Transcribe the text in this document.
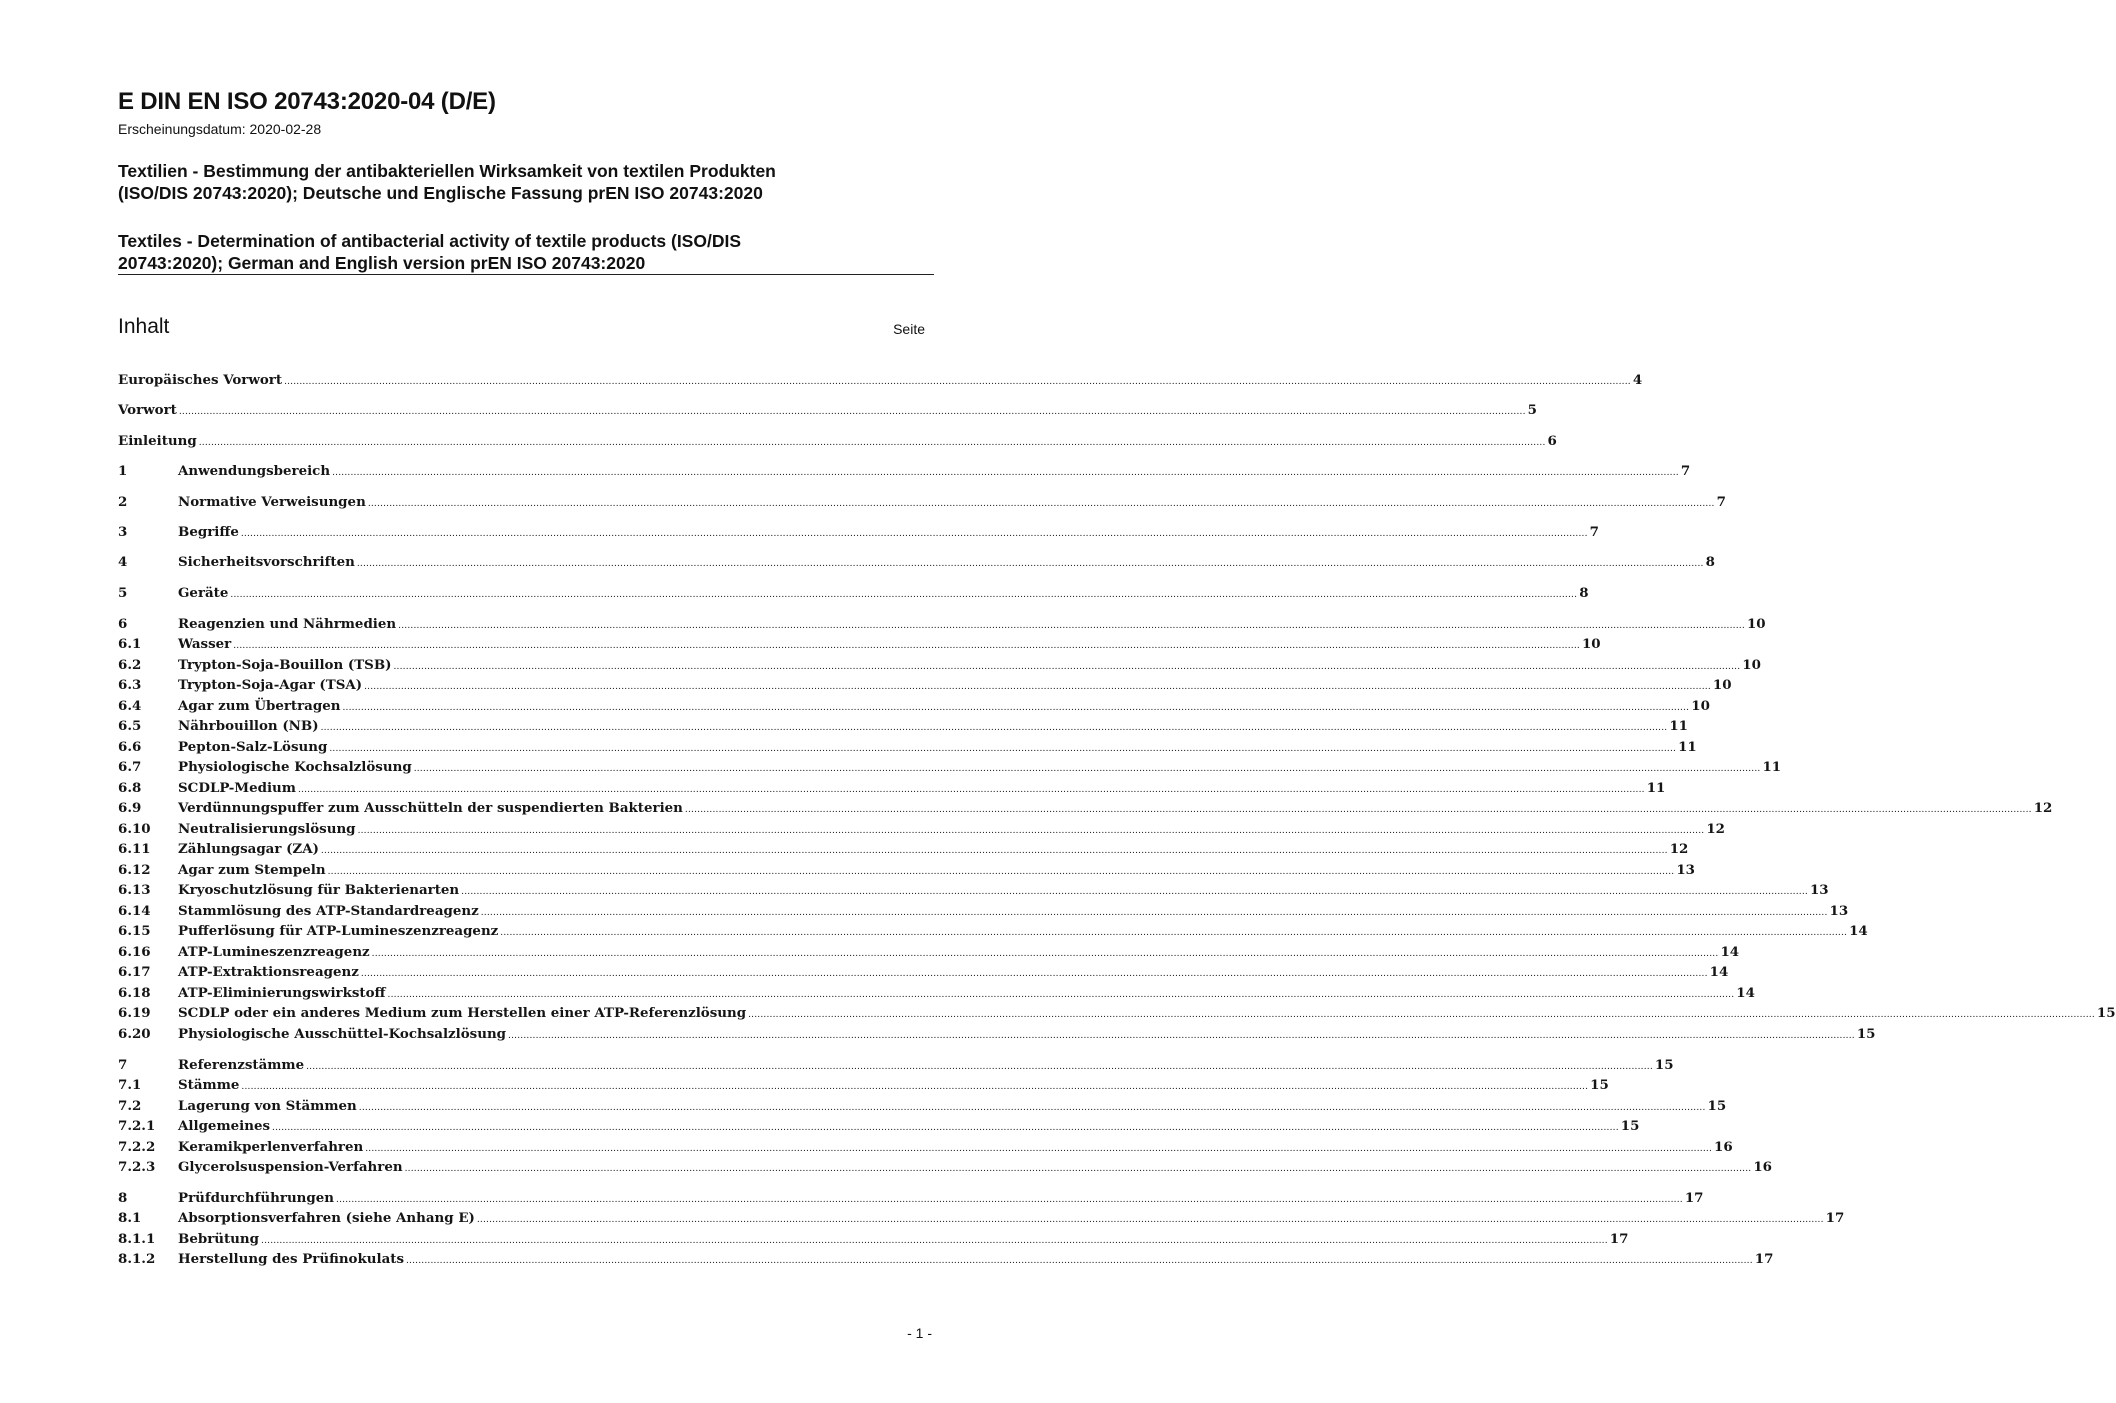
E DIN EN ISO 20743:2020-04 (D/E)
Erscheinungsdatum: 2020-02-28
Textilien - Bestimmung der antibakteriellen Wirksamkeit von textilen Produkten
(ISO/DIS 20743:2020); Deutsche und Englische Fassung prEN ISO 20743:2020
Textiles - Determination of antibacterial activity of textile products (ISO/DIS
20743:2020); German and English version prEN ISO 20743:2020
Inhalt	Seite
Europäisches Vorwort .....	4
Vorwort .....	5
Einleitung .....	6
1	Anwendungsbereich .....	7
2	Normative Verweisungen .....	7
3	Begriffe .....	7
4	Sicherheitsvorschriften .....	8
5	Geräte .....	8
6	Reagenzien und Nährmedien .....	10
6.1	Wasser .....	10
6.2	Trypton-Soja-Bouillon (TSB) .....	10
6.3	Trypton-Soja-Agar (TSA) .....	10
6.4	Agar zum Übertragen .....	10
6.5	Nährbouillon (NB) .....	11
6.6	Pepton-Salz-Lösung .....	11
6.7	Physiologische Kochsalzlösung .....	11
6.8	SCDLP-Medium .....	11
6.9	Verdünnungspuffer zum Ausschütteln der suspendierten Bakterien .....	12
6.10	Neutralisierungslösung .....	12
6.11	Zählungsagar (ZA) .....	12
6.12	Agar zum Stempeln .....	13
6.13	Kryoschutzlösung für Bakterienarten .....	13
6.14	Stammlösung des ATP-Standardreagenz .....	13
6.15	Pufferlösung für ATP-Lumineszenzreagenz .....	14
6.16	ATP-Lumineszenzreagenz .....	14
6.17	ATP-Extraktionsreagenz .....	14
6.18	ATP-Eliminierungswirkstoff .....	14
6.19	SCDLP oder ein anderes Medium zum Herstellen einer ATP-Referenzlösung .....	15
6.20	Physiologische Ausschüttel-Kochsalzlösung .....	15
7	Referenzstämme .....	15
7.1	Stämme .....	15
7.2	Lagerung von Stämmen .....	15
7.2.1	Allgemeines .....	15
7.2.2	Keramikperlenverfahren .....	16
7.2.3	Glycerolsuspension-Verfahren .....	16
8	Prüfdurchführungen .....	17
8.1	Absorptionsverfahren (siehe Anhang E) .....	17
8.1.1	Bebrütung .....	17
8.1.2	Herstellung des Prüfinokulats .....	17
- 1 -
